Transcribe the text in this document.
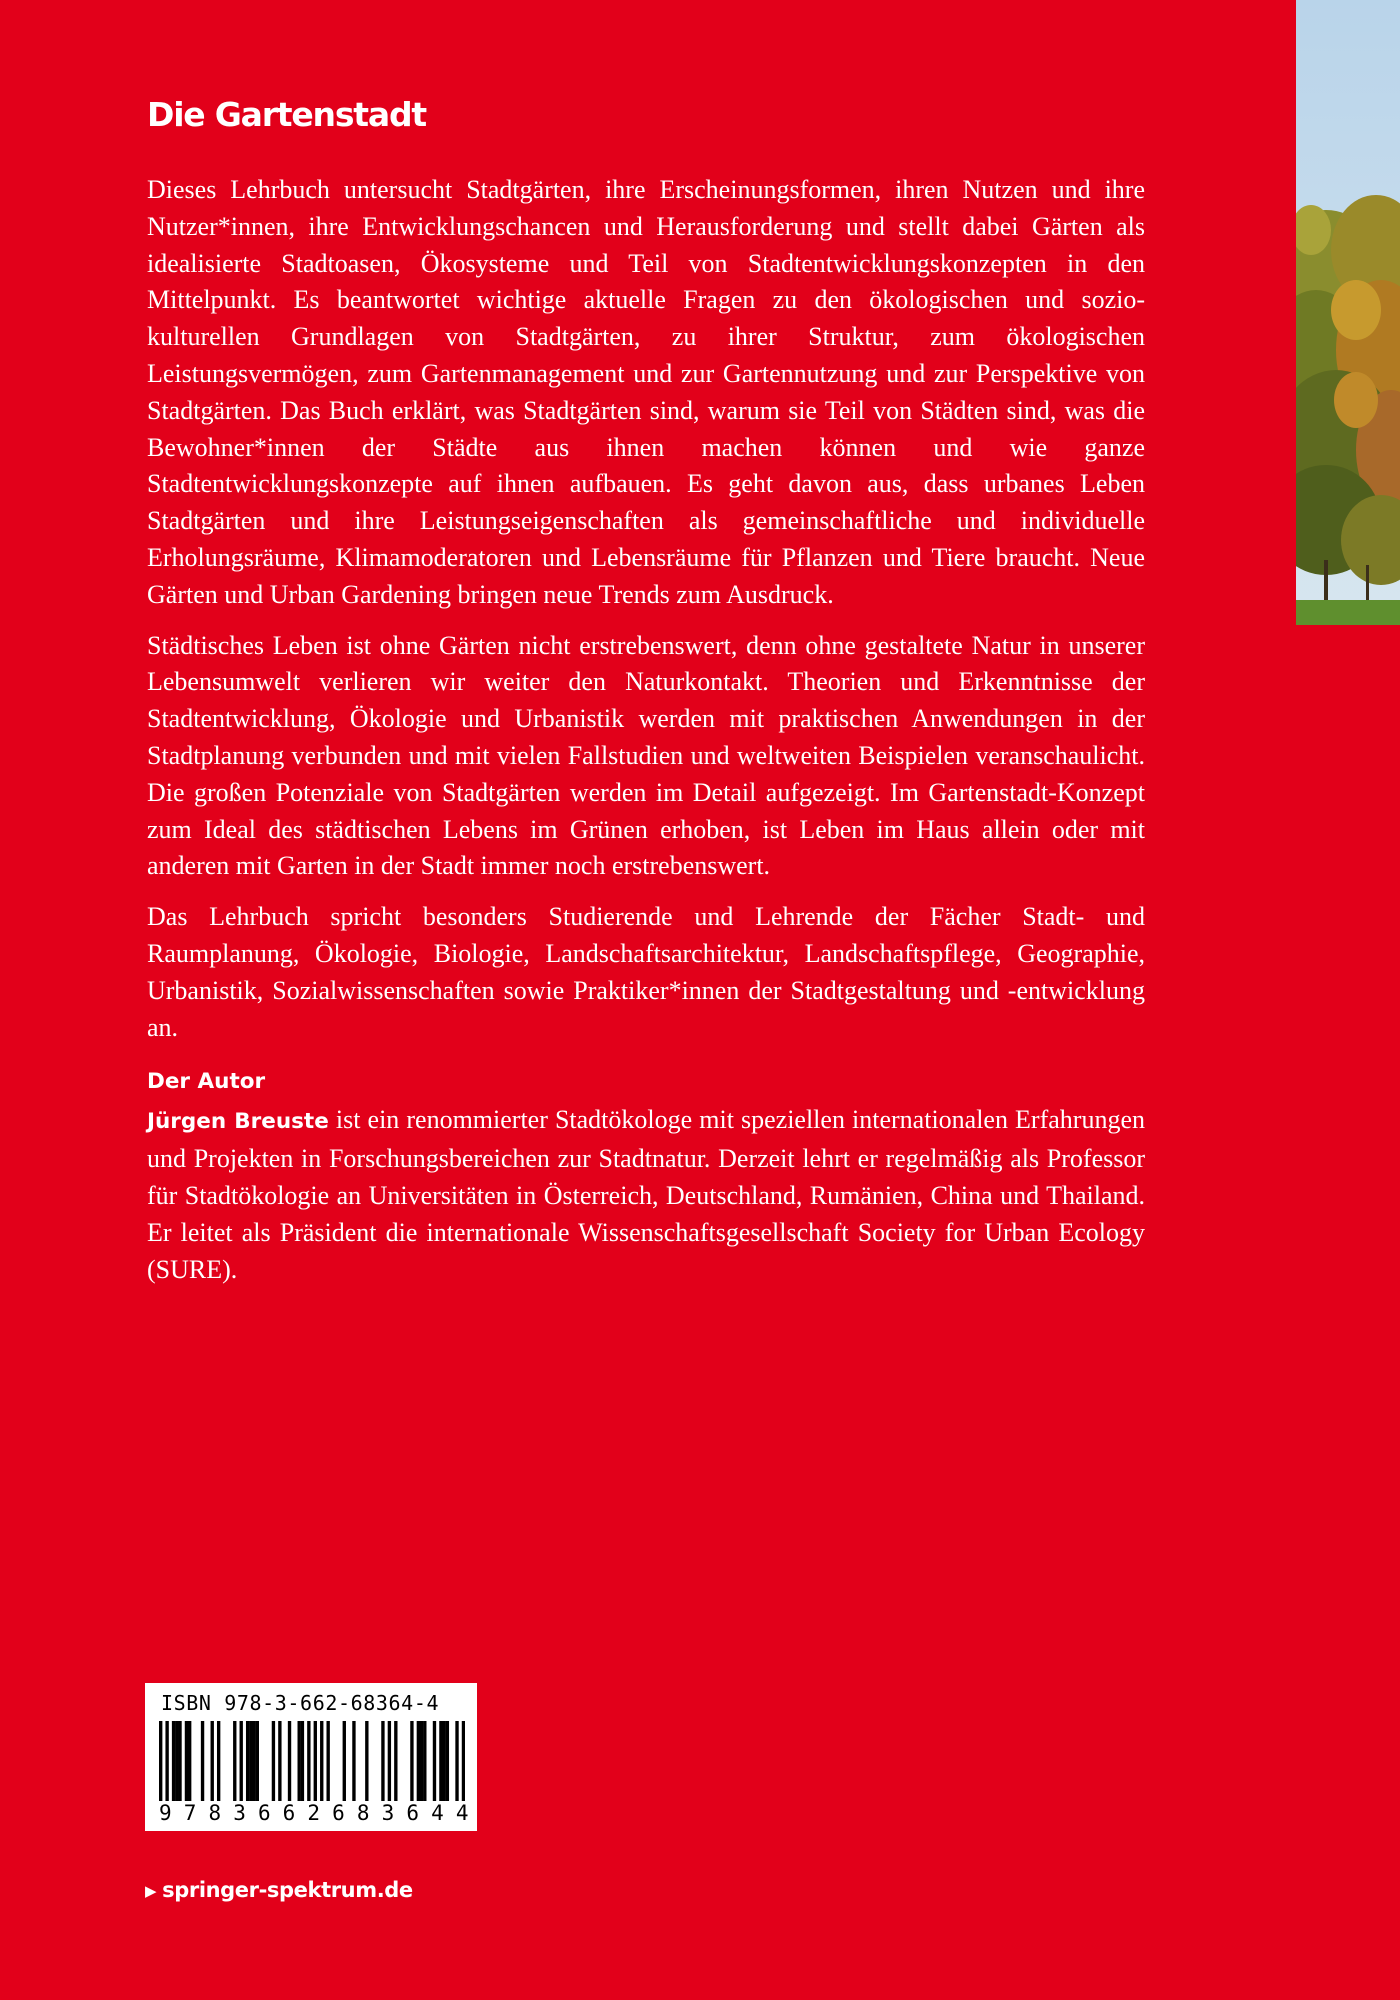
Die Gartenstadt

Dieses Lehrbuch untersucht Stadtgärten, ihre Erscheinungsformen, ihren Nutzen und ihre Nutzer*innen, ihre Entwicklungschancen und Herausforderung und stellt dabei Gärten als idealisierte Stadtoasen, Ökosysteme und Teil von Stadtentwicklungskonzepten in den Mittelpunkt. Es beantwortet wichtige aktuelle Fragen zu den ökologischen und sozio-kulturellen Grundlagen von Stadtgärten, zu ihrer Struktur, zum ökologischen Leistungsvermögen, zum Gartenmanagement und zur Gartennutzung und zur Perspektive von Stadtgärten. Das Buch erklärt, was Stadtgärten sind, warum sie Teil von Städten sind, was die Bewohner*innen der Städte aus ihnen machen können und wie ganze Stadtentwicklungskonzepte auf ihnen aufbauen. Es geht davon aus, dass urbanes Leben Stadtgärten und ihre Leistungseigenschaften als gemeinschaftliche und individuelle Erholungsräume, Klimamoderatoren und Lebensräume für Pflanzen und Tiere braucht. Neue Gärten und Urban Gardening bringen neue Trends zum Ausdruck.

Städtisches Leben ist ohne Gärten nicht erstrebenswert, denn ohne gestaltete Natur in unserer Lebensumwelt verlieren wir weiter den Naturkontakt. Theorien und Erkenntnisse der Stadtentwicklung, Ökologie und Urbanistik werden mit praktischen Anwendungen in der Stadtplanung verbunden und mit vielen Fallstudien und weltweiten Beispielen veranschaulicht. Die großen Potenziale von Stadtgärten werden im Detail aufgezeigt. Im Gartenstadt-Konzept zum Ideal des städtischen Lebens im Grünen erhoben, ist Leben im Haus allein oder mit anderen mit Garten in der Stadt immer noch erstrebenswert.

Das Lehrbuch spricht besonders Studierende und Lehrende der Fächer Stadt- und Raumplanung, Ökologie, Biologie, Landschaftsarchitektur, Landschaftspflege, Geographie, Urbanistik, Sozialwissenschaften sowie Praktiker*innen der Stadtgestaltung und -entwicklung an.

Der Autor

Jürgen Breuste ist ein renommierter Stadtökologe mit speziellen internationalen Erfahrungen und Projekten in Forschungsbereichen zur Stadtnatur. Derzeit lehrt er regelmäßig als Professor für Stadtökologie an Universitäten in Österreich, Deutschland, Rumänien, China und Thailand. Er leitet als Präsident die internationale Wissenschaftsgesellschaft Society for Urban Ecology (SURE).

ISBN 978-3-662-68364-4
9 7 8 3 6 6 2 6 8 3 6 4 4
▶ springer-spektrum.de
